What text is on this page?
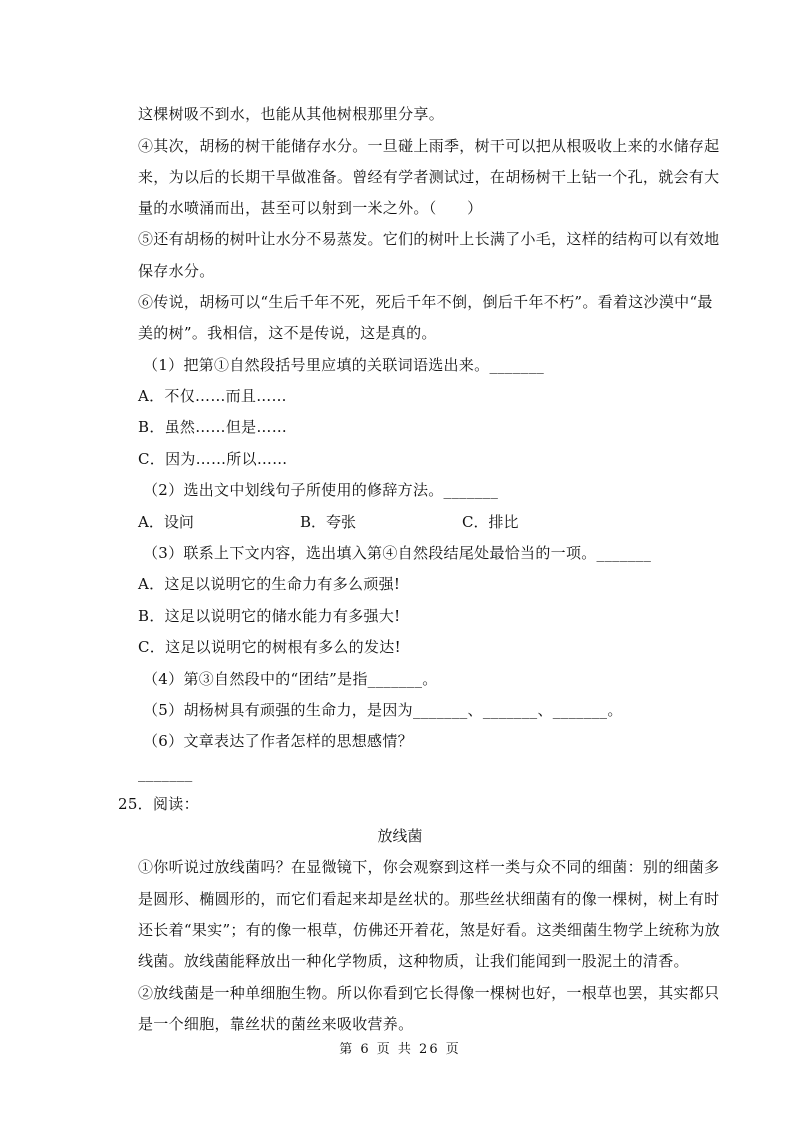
这棵树吸不到水，也能从其他树根那里分享。
④其次，胡杨的树干能储存水分。一旦碰上雨季，树干可以把从根吸收上来的水储存起
来，为以后的长期干旱做准备。曾经有学者测试过，在胡杨树干上钻一个孔，就会有大
量的水喷涌而出，甚至可以射到一米之外。（　　）
⑤还有胡杨的树叶让水分不易蒸发。它们的树叶上长满了小毛，这样的结构可以有效地
保存水分。
⑥传说，胡杨可以“生后千年不死，死后千年不倒，倒后千年不朽”。看着这沙漠中“最
美的树”。我相信，这不是传说，这是真的。
（1）把第①自然段括号里应填的关联词语选出来。_______
A．不仅……而且……
B．虽然……但是……
C．因为……所以……
（2）选出文中划线句子所使用的修辞方法。_______
A．设问	B．夸张	C．排比
（3）联系上下文内容，选出填入第④自然段结尾处最恰当的一项。_______
A．这足以说明它的生命力有多么顽强!
B．这足以说明它的储水能力有多强大!
C．这足以说明它的树根有多么的发达!
（4）第③自然段中的“团结”是指_______。
（5）胡杨树具有顽强的生命力，是因为_______、_______、_______。
（6）文章表达了作者怎样的思想感情？
_______
25．阅读：
放线菌
①你听说过放线菌吗？在显微镜下，你会观察到这样一类与众不同的细菌：别的细菌多
是圆形、椭圆形的，而它们看起来却是丝状的。那些丝状细菌有的像一棵树，树上有时
还长着“果实”；有的像一根草，仿佛还开着花，煞是好看。这类细菌生物学上统称为放
线菌。放线菌能释放出一种化学物质，这种物质，让我们能闻到一股泥土的清香。
②放线菌是一种单细胞生物。所以你看到它长得像一棵树也好，一根草也罢，其实都只
是一个细胞，靠丝状的菌丝来吸收营养。
第 6 页 共 26 页
